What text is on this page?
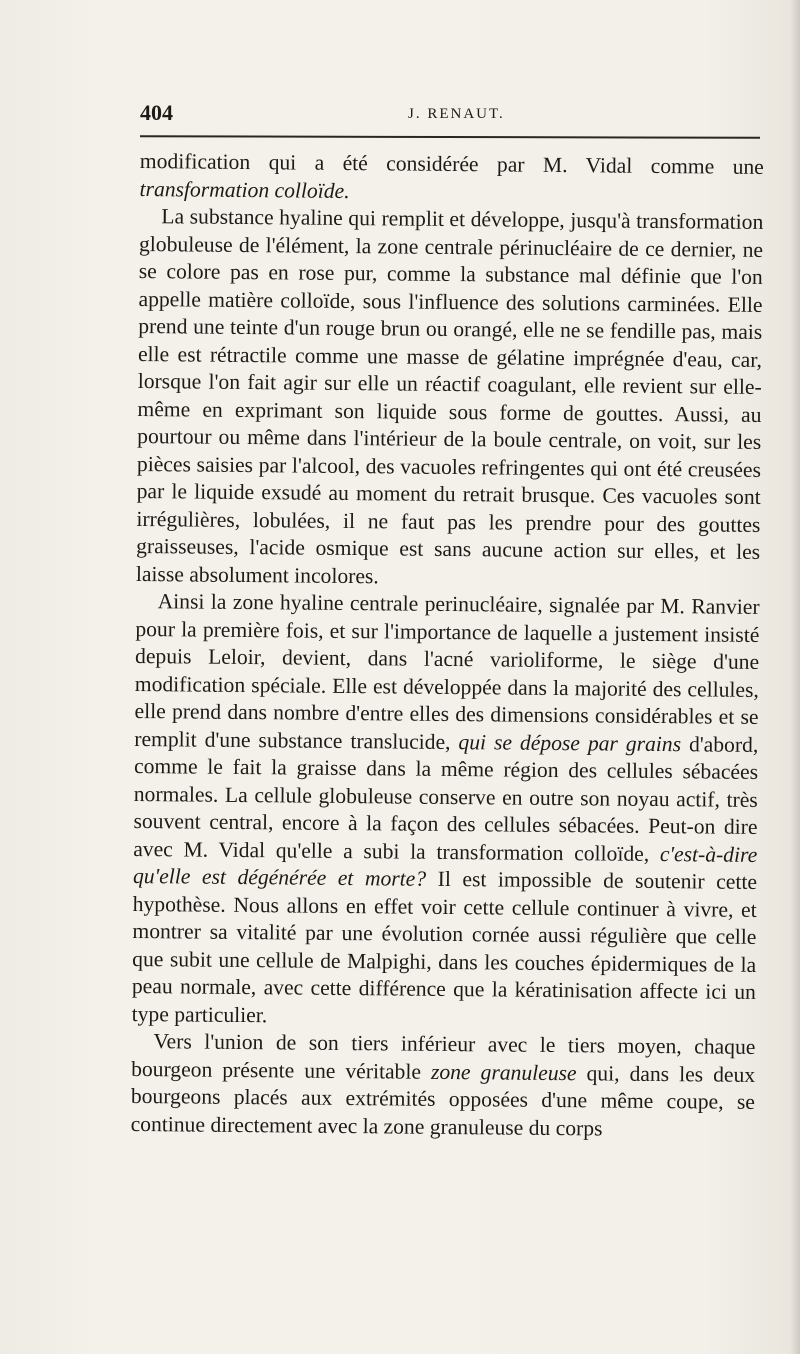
404	J. RENAUT.

modification qui a été considérée par M. Vidal comme une transformation colloïde.

La substance hyaline qui remplit et développe, jusqu'à transformation globuleuse de l'élément, la zone centrale périnucléaire de ce dernier, ne se colore pas en rose pur, comme la substance mal définie que l'on appelle matière colloïde, sous l'influence des solutions carminées. Elle prend une teinte d'un rouge brun ou orangé, elle ne se fendille pas, mais elle est rétractile comme une masse de gélatine imprégnée d'eau, car, lorsque l'on fait agir sur elle un réactif coagulant, elle revient sur elle-même en exprimant son liquide sous forme de gouttes. Aussi, au pourtour ou même dans l'intérieur de la boule centrale, on voit, sur les pièces saisies par l'alcool, des vacuoles refringentes qui ont été creusées par le liquide exsudé au moment du retrait brusque. Ces vacuoles sont irrégulières, lobulées, il ne faut pas les prendre pour des gouttes graisseuses, l'acide osmique est sans aucune action sur elles, et les laisse absolument incolores.

Ainsi la zone hyaline centrale perinucléaire, signalée par M. Ranvier pour la première fois, et sur l'importance de laquelle a justement insisté depuis Leloir, devient, dans l'acné varioliforme, le siège d'une modification spéciale. Elle est développée dans la majorité des cellules, elle prend dans nombre d'entre elles des dimensions considérables et se remplit d'une substance translucide, qui se dépose par grains d'abord, comme le fait la graisse dans la même région des cellules sébacées normales. La cellule globuleuse conserve en outre son noyau actif, très souvent central, encore à la façon des cellules sébacées. Peut-on dire avec M. Vidal qu'elle a subi la transformation colloïde, c'est-à-dire qu'elle est dégénérée et morte? Il est impossible de soutenir cette hypothèse. Nous allons en effet voir cette cellule continuer à vivre, et montrer sa vitalité par une évolution cornée aussi régulière que celle que subit une cellule de Malpighi, dans les couches épidermiques de la peau normale, avec cette différence que la kératinisation affecte ici un type particulier.

Vers l'union de son tiers inférieur avec le tiers moyen, chaque bourgeon présente une véritable zone granuleuse qui, dans les deux bourgeons placés aux extrémités opposées d'une même coupe, se continue directement avec la zone granuleuse du corps
